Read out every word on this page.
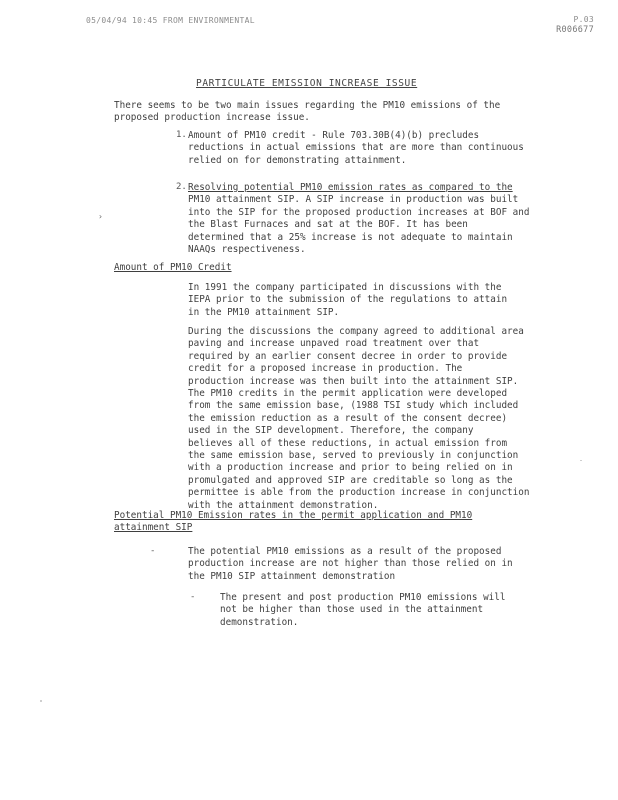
05/04/94 10:45 FROM ENVIRONMENTAL	P.03
R006677
PARTICULATE EMISSION INCREASE ISSUE
There seems to be two main issues regarding the PM10 emissions of the
proposed production increase issue.
1. Amount of PM10 credit - Rule 703.30B(4)(b) precludes
reductions in actual emissions that are more than continuous
relied on for demonstrating attainment.
2. Resolving potential PM10 emission rates as compared to the
PM10 attainment SIP. A SIP increase in production was built
into the SIP for the proposed production increases at BOF and
the Blast Furnaces and sat at the BOF. It has been
determined that a 25% increase is not adequate to maintain
NAAQs respectiveness.
›
Amount of PM10 Credit
In 1991 the company participated in discussions with the
IEPA prior to the submission of the regulations to attain
in the PM10 attainment SIP.
During the discussions the company agreed to additional area
paving and increase unpaved road treatment over that
required by an earlier consent decree in order to provide
credit for a proposed increase in production. The
production increase was then built into the attainment SIP.
The PM10 credits in the permit application were developed
from the same emission base, (1988 TSI study which included
the emission reduction as a result of the consent decree)
used in the SIP development. Therefore, the company
believes all of these reductions, in actual emission from
the same emission base, served to previously in conjunction
with a production increase and prior to being relied on in
promulgated and approved SIP are creditable so long as the
permittee is able from the production increase in conjunction
with the attainment demonstration.
Potential PM10 Emission rates in the permit application and PM10
attainment SIP
-	The potential PM10 emissions as a result of the proposed
production increase are not higher than those relied on in
the PM10 SIP attainment demonstration
-	The present and post production PM10 emissions will
not be higher than those used in the attainment
demonstration.
